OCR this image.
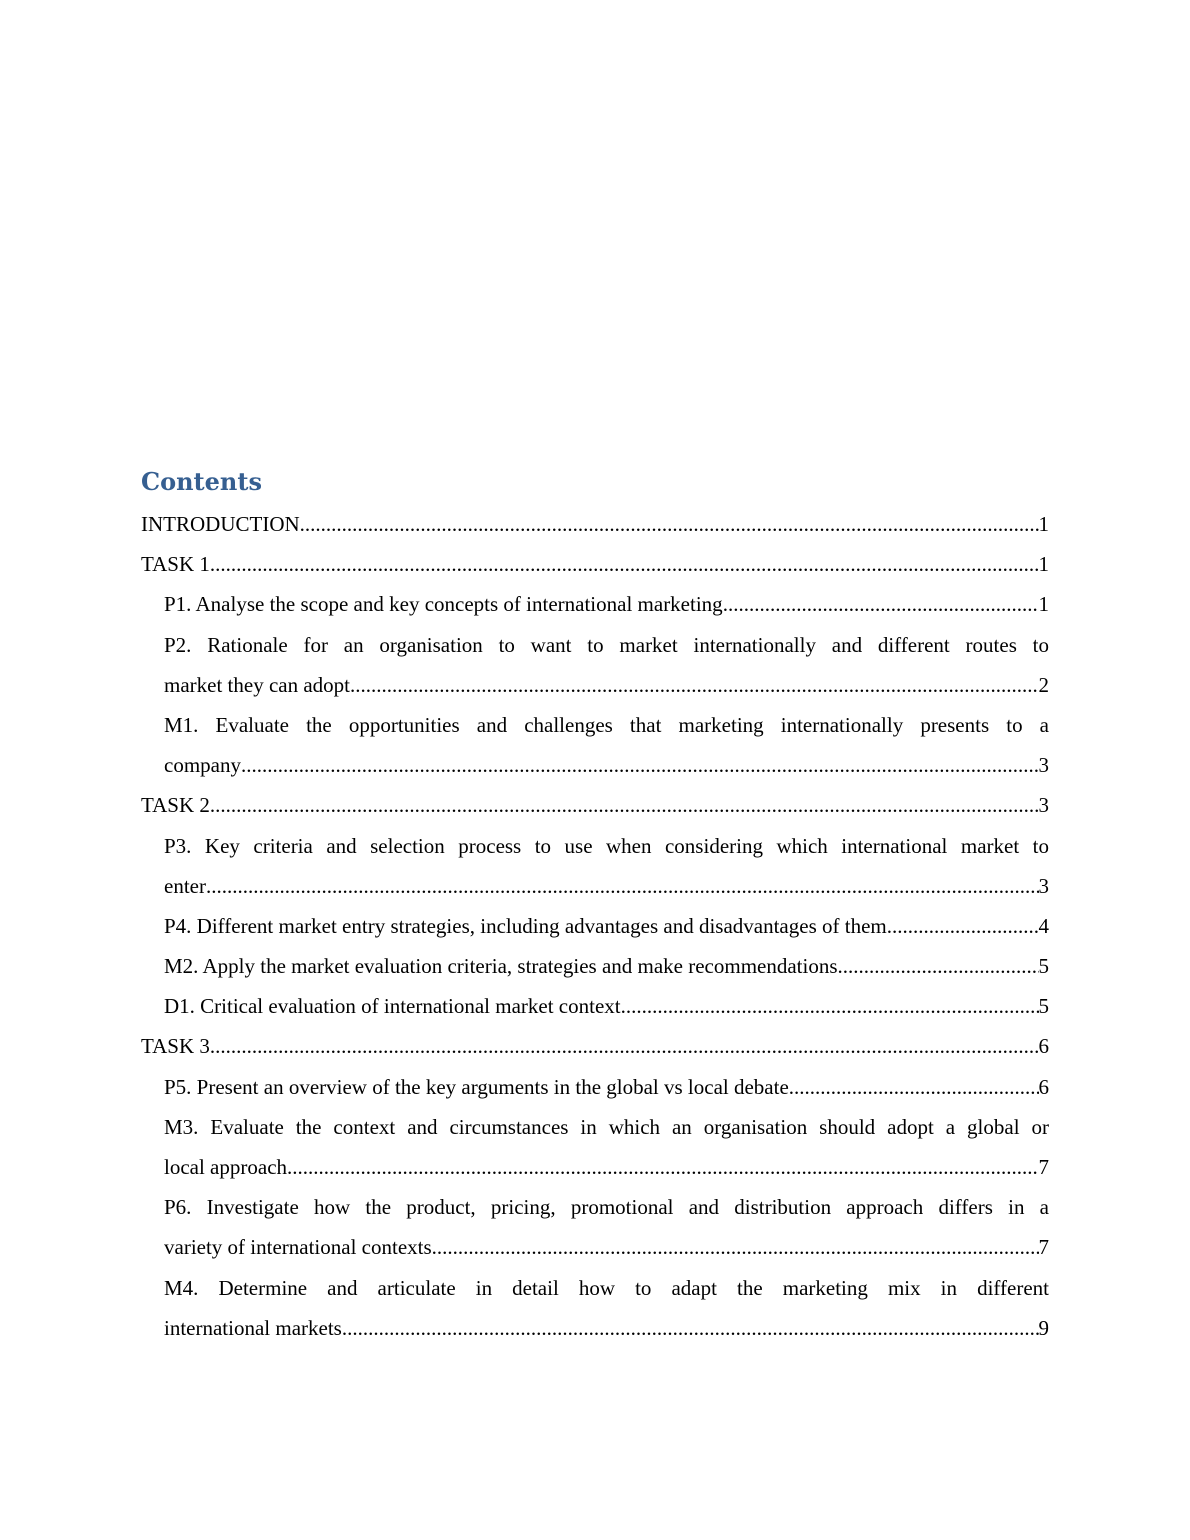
Contents
INTRODUCTION .....	1
TASK 1 .....	1
P1. Analyse the scope and key concepts of international marketing .....	1
P2. Rationale for an organisation to want to market internationally and different routes to
market they can adopt .....	2
M1. Evaluate the opportunities and challenges that marketing internationally presents to a
company .....	3
TASK 2 .....	3
P3. Key criteria and selection process to use when considering which international market to
enter .....	3
P4. Different market entry strategies, including advantages and disadvantages of them .....	4
M2. Apply the market evaluation criteria, strategies and make recommendations .....	5
D1. Critical evaluation of international market context .....	5
TASK 3 .....	6
P5. Present an overview of the key arguments in the global vs local debate .....	6
M3. Evaluate the context and circumstances in which an organisation should adopt a global or
local approach .....	7
P6. Investigate how the product, pricing, promotional and distribution approach differs in a
variety of international contexts .....	7
M4. Determine and articulate in detail how to adapt the marketing mix in different
international markets .....	9
